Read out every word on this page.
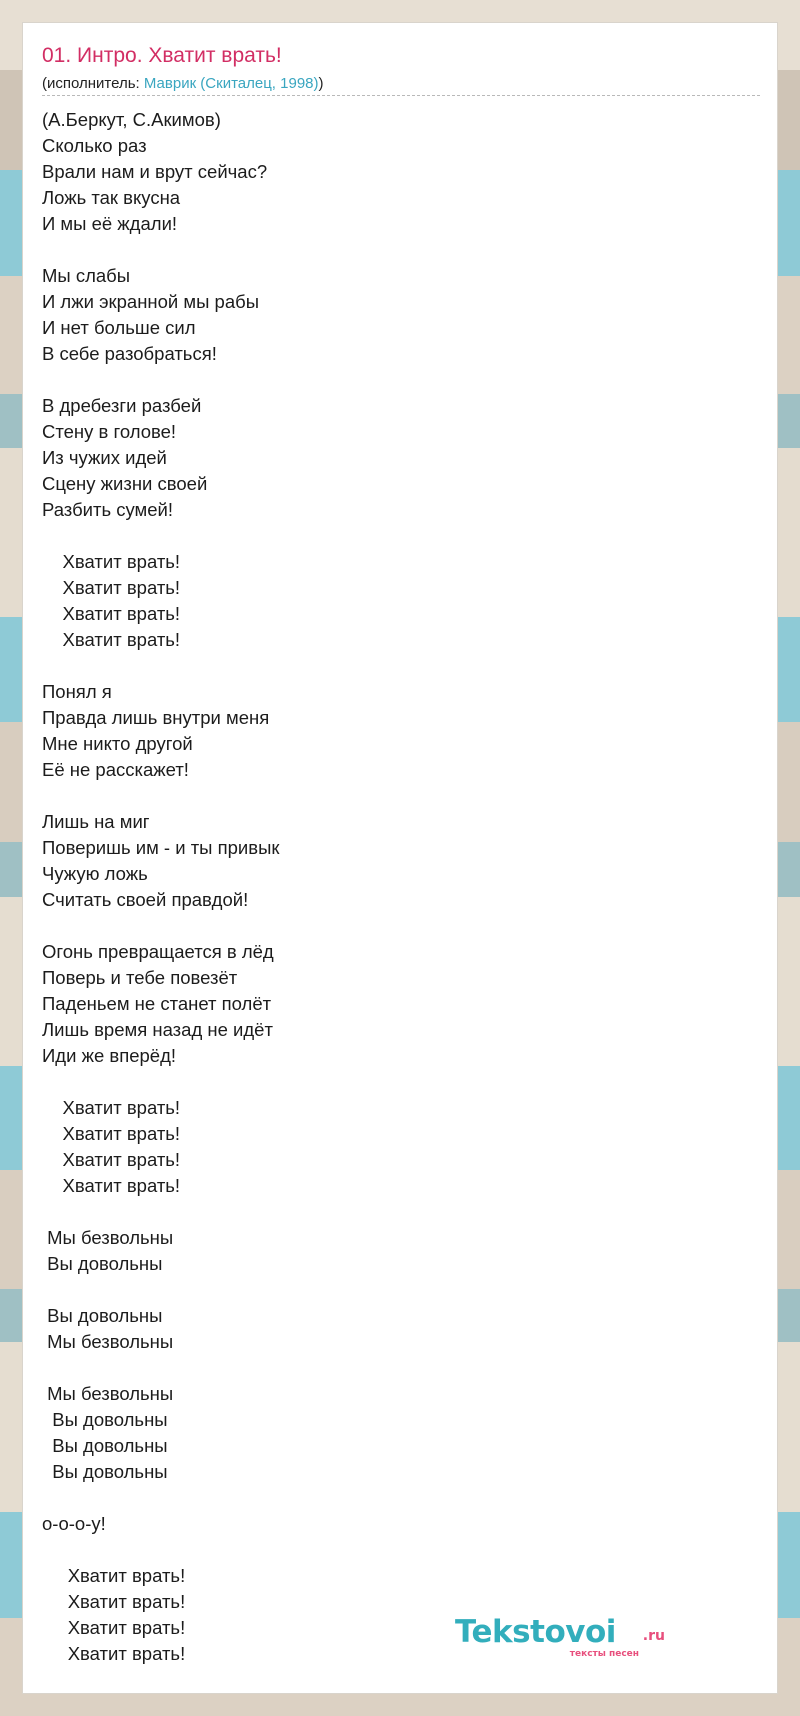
01. Интро. Хватит врать!
(исполнитель: Маврик (Скиталец, 1998))
(А.Беркут, С.Акимов)
Сколько раз
Врали нам и врут сейчас?
Ложь так вкусна
И мы её ждали!

Мы слабы
И лжи экранной мы рабы
И нет больше сил
В себе разобраться!

В дребезги разбей
Стену в голове!
Из чужих идей
Сцену жизни своей
Разбить сумей!

Хватит врать!
Хватит врать!
Хватит врать!
Хватит врать!

Понял я
Правда лишь внутри меня
Мне никто другой
Её не расскажет!

Лишь на миг
Поверишь им - и ты привык
Чужую ложь
Считать своей правдой!

Огонь превращается в лёд
Поверь и тебе повезёт
Паденьем не станет полёт
Лишь время назад не идёт
Иди же вперёд!

Хватит врать!
Хватит врать!
Хватит врать!
Хватит врать!

Мы безвольны
Вы довольны

Вы довольны
Мы безвольны

Мы безвольны
Вы довольны
Вы довольны
Вы довольны

о-о-о-у!

Хватит врать!
Хватит врать!
Хватит врать!
Хватит врать!
Tekstovoi .ru
тексты песен
